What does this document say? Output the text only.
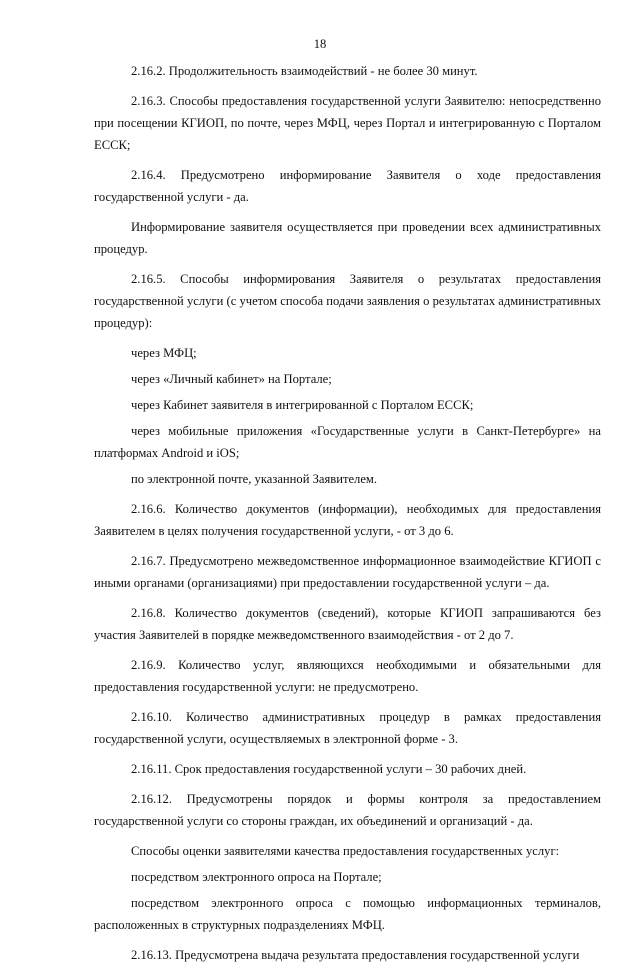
18

2.16.2. Продолжительность взаимодействий - не более 30 минут.

2.16.3. Способы предоставления государственной услуги Заявителю: непосредственно при посещении КГИОП, по почте, через МФЦ, через Портал и интегрированную с Порталом ЕССК;

2.16.4. Предусмотрено информирование Заявителя о ходе предоставления государственной услуги - да.

Информирование заявителя осуществляется при проведении всех административных процедур.

2.16.5. Способы информирования Заявителя о результатах предоставления государственной услуги (с учетом способа подачи заявления о результатах административных процедур):

через МФЦ;

через «Личный кабинет» на Портале;

через Кабинет заявителя в интегрированной с Порталом ЕССК;

через мобильные приложения «Государственные услуги в Санкт-Петербурге» на платформах Android и iOS;

по электронной почте, указанной Заявителем.

2.16.6. Количество документов (информации), необходимых для предоставления Заявителем в целях получения государственной услуги, - от 3 до 6.

2.16.7. Предусмотрено межведомственное информационное взаимодействие КГИОП с иными органами (организациями) при предоставлении государственной услуги – да.

2.16.8. Количество документов (сведений), которые КГИОП запрашиваются без участия Заявителей в порядке межведомственного взаимодействия - от 2 до 7.

2.16.9. Количество услуг, являющихся необходимыми и обязательными для предоставления государственной услуги: не предусмотрено.

2.16.10. Количество административных процедур в рамках предоставления государственной услуги, осуществляемых в электронной форме - 3.

2.16.11. Срок предоставления государственной услуги – 30 рабочих дней.

2.16.12. Предусмотрены порядок и формы контроля за предоставлением государственной услуги со стороны граждан, их объединений и организаций - да.

Способы оценки заявителями качества предоставления государственных услуг:

посредством электронного опроса на Портале;

посредством электронного опроса с помощью информационных терминалов, расположенных в структурных подразделениях МФЦ.

2.16.13. Предусмотрена выдача результата предоставления государственной услуги
